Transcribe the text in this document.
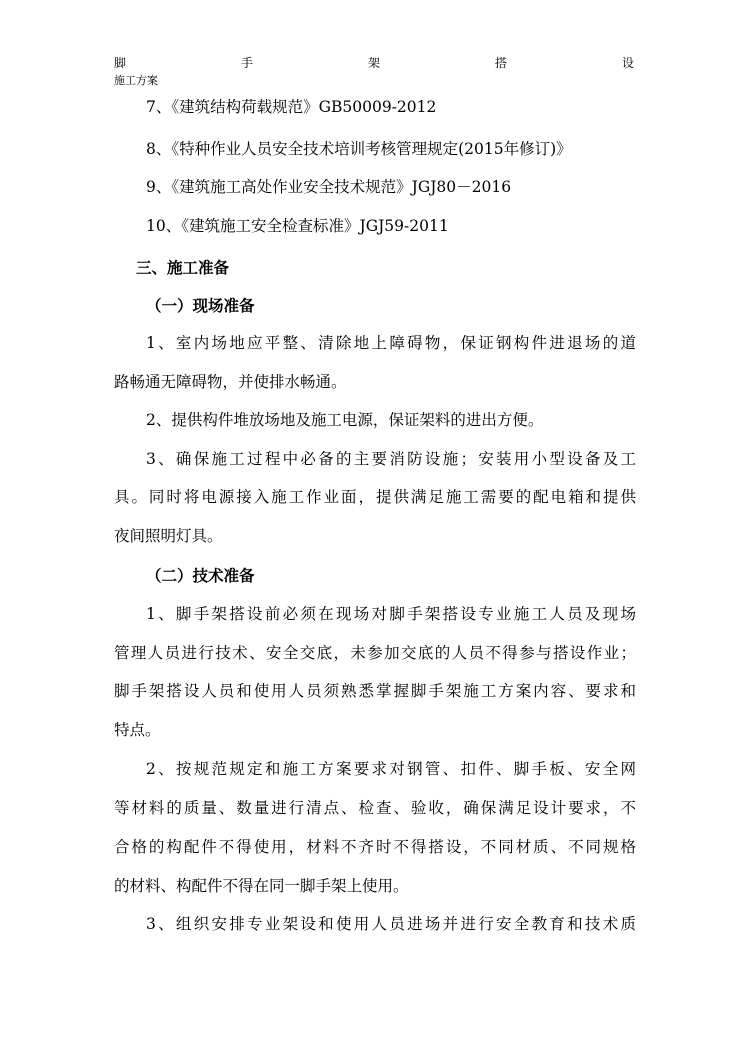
脚	手	架	搭	设
施工方案
7、《建筑结构荷载规范》GB50009-2012
8、《特种作业人员安全技术培训考核管理规定(2015年修订)》
9、《建筑施工高处作业安全技术规范》JGJ80－2016
10、《建筑施工安全检查标准》JGJ59-2011
三、施工准备
（一）现场准备
1、室内场地应平整、清除地上障碍物，保证钢构件进退场的道
路畅通无障碍物，并使排水畅通。
2、提供构件堆放场地及施工电源，保证架料的进出方便。
3、确保施工过程中必备的主要消防设施；安装用小型设备及工
具。同时将电源接入施工作业面，提供满足施工需要的配电箱和提供
夜间照明灯具。
（二）技术准备
1、脚手架搭设前必须在现场对脚手架搭设专业施工人员及现场
管理人员进行技术、安全交底，未参加交底的人员不得参与搭设作业；
脚手架搭设人员和使用人员须熟悉掌握脚手架施工方案内容、要求和
特点。
2、按规范规定和施工方案要求对钢管、扣件、脚手板、安全网
等材料的质量、数量进行清点、检查、验收，确保满足设计要求，不
合格的构配件不得使用，材料不齐时不得搭设，不同材质、不同规格
的材料、构配件不得在同一脚手架上使用。
3、组织安排专业架设和使用人员进场并进行安全教育和技术质
